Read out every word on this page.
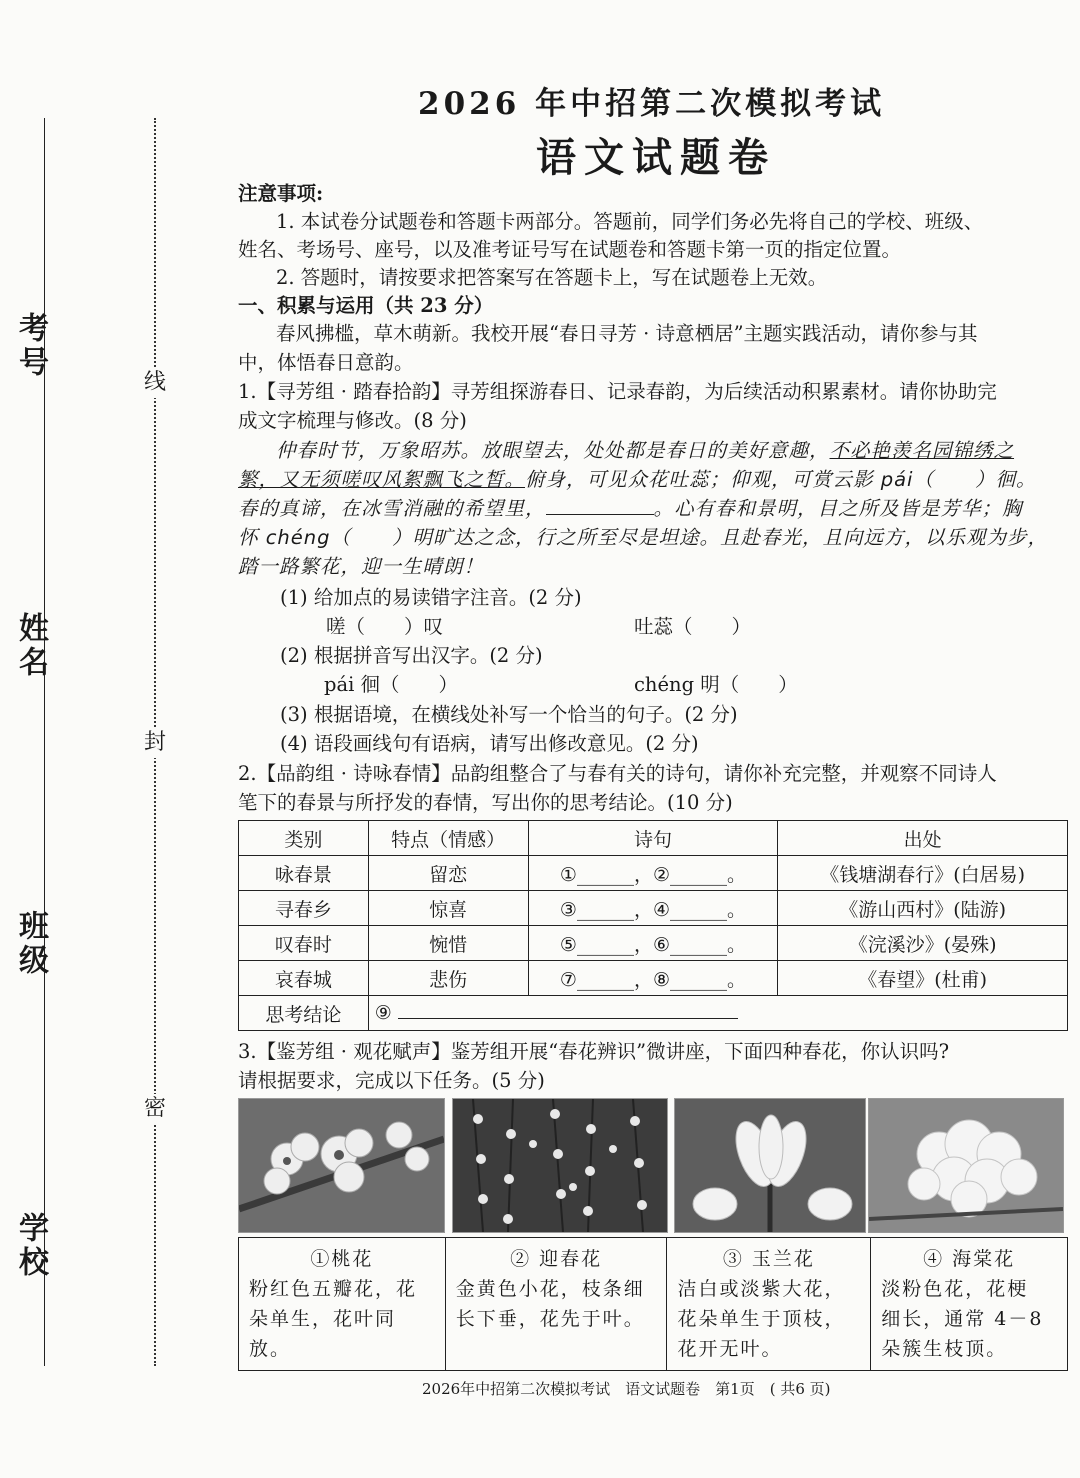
考号
姓名
班级
学校
线
封
密
2026 年中招第二次模拟考试
语文试题卷
注意事项:
1. 本试卷分试题卷和答题卡两部分。答题前，同学们务必先将自己的学校、班级、
姓名、考场号、座号，以及准考证号写在试题卷和答题卡第一页的指定位置。
2. 答题时，请按要求把答案写在答题卡上，写在试题卷上无效。
一、积累与运用（共 23 分）
春风拂槛，草木萌新。我校开展“春日寻芳 · 诗意栖居”主题实践活动，请你参与其
中，体悟春日意韵。
1.【寻芳组 · 踏春拾韵】寻芳组探游春日、记录春韵，为后续活动积累素材。请你协助完
成文字梳理与修改。(8 分)
仲春时节，万象昭苏。放眼望去，处处都是春日的美好意趣，不必艳羡名园锦绣之
繁，又无须嗟叹风絮飘飞之皙。俯身，可见众花吐蕊；仰观，可赏云影 pái（　　）徊。
春的真谛，在冰雪消融的希望里，	。心有春和景明，目之所及皆是芳华；胸
怀 chéng（　　）明旷达之念，行之所至尽是坦途。且赴春光，且向远方，以乐观为步，
踏一路繁花，迎一生晴朗！
(1) 给加点的易读错字注音。(2 分)
嗟（　　）叹	吐蕊（　　）
(2) 根据拼音写出汉字。(2 分)
pái 徊（　　）	chéng 明（　　）
(3) 根据语境，在横线处补写一个恰当的句子。(2 分)
(4) 语段画线句有语病，请写出修改意见。(2 分)
2.【品韵组 · 诗咏春情】品韵组整合了与春有关的诗句，请你补充完整，并观察不同诗人
笔下的春景与所抒发的春情，写出你的思考结论。(10 分)
类别	特点（情感）	诗句	出处
咏春景	留恋	①______，②______。	《钱塘湖春行》(白居易)
寻春乡	惊喜	③______，④______。	《游山西村》(陆游)
叹春时	惋惜	⑤______，⑥______。	《浣溪沙》(晏殊)
哀春城	悲伤	⑦______，⑧______。	《春望》(杜甫)
思考结论	⑨		
3.【鉴芳组 · 观花赋声】鉴芳组开展“春花辨识”微讲座，下面四种春花，你认识吗?
请根据要求，完成以下任务。(5 分)
①桃花
粉红色五瓣花，花
朵单生，花叶同放。

② 迎春花
金黄色小花，枝条细
长下垂，花先于叶。

③ 玉兰花
洁白或淡紫大花，
花朵单生于顶枝，
花开无叶。

④ 海棠花
淡粉色花，花梗
细长，通常 4－8
朵簇生枝顶。
2026年中招第二次模拟考试　语文试题卷　第1页　( 共6 页)
